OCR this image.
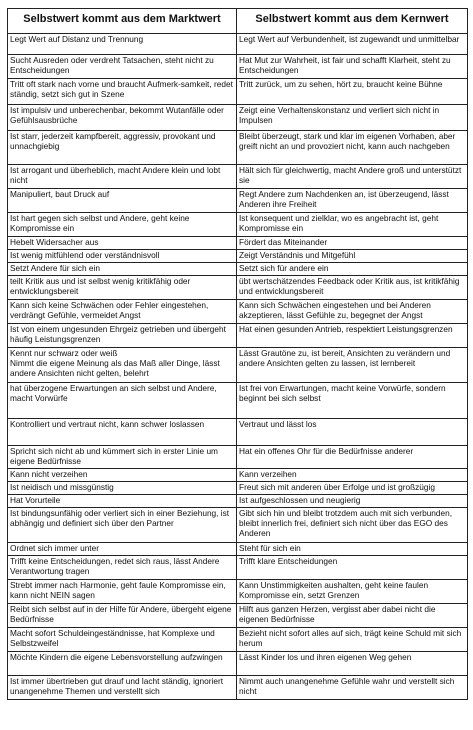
Selbstwert kommt aus dem Marktwert	Selbstwert kommt aus dem Kernwert
Legt Wert auf Distanz und Trennung	Legt Wert auf Verbundenheit, ist zugewandt und unmittelbar
Sucht Ausreden oder verdreht Tatsachen, steht nicht zu Entscheidungen	Hat Mut zur Wahrheit, ist fair und schafft Klarheit, steht zu Entscheidungen
Tritt oft stark nach vorne und braucht Aufmerk-samkeit, redet ständig, setzt sich gut in Szene	Tritt zurück, um zu sehen, hört zu, braucht keine Bühne
Ist impulsiv und unberechenbar, bekommt Wutanfälle oder Gefühlsausbrüche	Zeigt eine Verhaltenskonstanz und verliert sich nicht in Impulsen
Ist starr, jederzeit kampfbereit, aggressiv, provokant und unnachgiebig	Bleibt überzeugt, stark und klar im eigenen Vorhaben, aber greift nicht an und provoziert nicht, kann auch nachgeben
Ist arrogant und überheblich, macht Andere klein und lobt nicht	Hält sich für gleichwertig, macht Andere groß und unterstützt sie
Manipuliert, baut Druck auf	Regt Andere zum Nachdenken an, ist überzeugend, lässt Anderen ihre Freiheit
Ist hart gegen sich selbst und Andere, geht keine Kompromisse ein	Ist konsequent und zielklar, wo es angebracht ist, geht Kompromisse ein
Hebelt Widersacher aus	Fördert das Miteinander
Ist wenig mitfühlend oder verständnisvoll	Zeigt Verständnis und Mitgefühl
Setzt Andere für sich ein	Setzt sich für andere ein
teilt Kritik aus und ist selbst wenig kritikfähig oder entwicklungsbereit	übt wertschätzendes Feedback oder Kritik aus, ist kritikfähig und entwicklungsbereit
Kann sich keine Schwächen oder Fehler eingestehen, verdrängt Gefühle, vermeidet Angst	Kann sich Schwächen eingestehen und bei Anderen akzeptieren, lässt Gefühle zu, begegnet der Angst
Ist von einem ungesunden Ehrgeiz getrieben und übergeht häufig Leistungsgrenzen	Hat einen gesunden Antrieb, respektiert Leistungsgrenzen

Kennt nur schwarz oder weiß
Nimmt die eigene Meinung als das Maß aller Dinge, lässt andere Ansichten nicht gelten, belehrt	Lässt Grautöne zu, ist bereit, Ansichten zu verändern und andere Ansichten gelten zu lassen, ist lernbereit
hat überzogene Erwartungen an sich selbst und Andere, macht Vorwürfe	Ist frei von Erwartungen, macht keine Vorwürfe, sondern beginnt bei sich selbst
Kontrolliert und vertraut nicht, kann schwer loslassen	Vertraut und lässt los
Spricht sich nicht ab und kümmert sich in erster Linie um eigene Bedürfnisse	Hat ein offenes Ohr für die Bedürfnisse anderer
Kann nicht verzeihen	Kann verzeihen
Ist neidisch und missgünstig	Freut sich mit anderen über Erfolge und ist großzügig
Hat Vorurteile	Ist aufgeschlossen und neugierig
Ist bindungsunfähig oder verliert sich in einer Beziehung, ist abhängig und definiert sich über den Partner	Gibt sich hin und bleibt trotzdem auch mit sich verbunden, bleibt innerlich frei, definiert sich nicht über das EGO des Anderen
Ordnet sich immer unter	Steht für sich ein
Trifft keine Entscheidungen, redet sich raus, lässt Andere Verantwortung tragen	Trifft klare Entscheidungen
Strebt immer nach Harmonie, geht faule Kompromisse ein, kann nicht NEIN sagen	Kann Unstimmigkeiten aushalten, geht keine faulen Kompromisse ein, setzt Grenzen
Reibt sich selbst auf in der Hilfe für Andere, übergeht eigene Bedürfnisse	Hilft aus ganzen Herzen, vergisst aber dabei nicht die eigenen Bedürfnisse
Macht sofort Schuldeingeständnisse, hat Komplexe und Selbstzweifel	Bezieht nicht sofort alles auf sich, trägt keine Schuld mit sich herum
Möchte Kindern die eigene Lebensvorstellung aufzwingen	Lässt Kinder los und ihren eigenen Weg gehen
Ist immer übertrieben gut drauf und lacht ständig, ignoriert unangenehme Themen und verstellt sich	Nimmt auch unangenehme Gefühle wahr und verstellt sich nicht
